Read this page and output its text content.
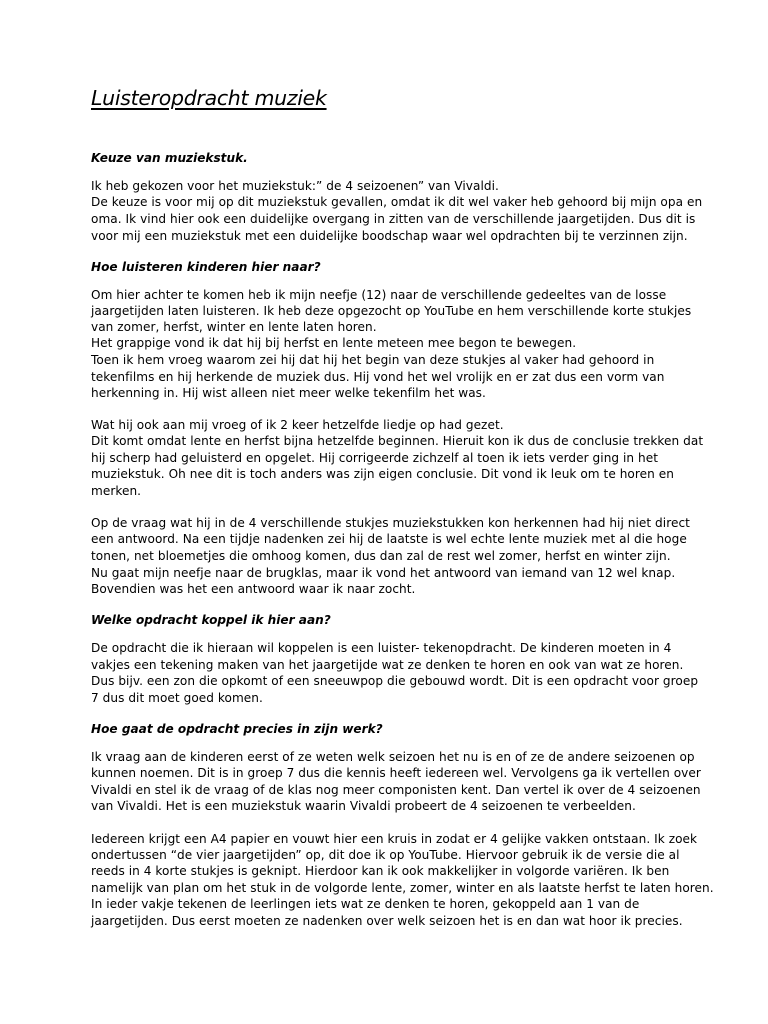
Luisteropdracht muziek
Keuze van muziekstuk.
Ik heb gekozen voor het muziekstuk:” de 4 seizoenen” van Vivaldi.
De keuze is voor mij op dit muziekstuk gevallen, omdat ik dit wel vaker heb gehoord bij mijn opa en
oma. Ik vind hier ook een duidelijke overgang in zitten van de verschillende jaargetijden. Dus dit is
voor mij een muziekstuk met een duidelijke boodschap waar wel opdrachten bij te verzinnen zijn.
Hoe luisteren kinderen hier naar?
Om hier achter te komen heb ik mijn neefje (12) naar de verschillende gedeeltes van de losse
jaargetijden laten luisteren. Ik heb deze opgezocht op YouTube en hem verschillende korte stukjes
van zomer, herfst, winter en lente laten horen.
Het grappige vond ik dat hij bij herfst en lente meteen mee begon te bewegen.
Toen ik hem vroeg waarom zei hij dat hij het begin van deze stukjes al vaker had gehoord in
tekenfilms en hij herkende de muziek dus. Hij vond het wel vrolijk en er zat dus een vorm van
herkenning in. Hij wist alleen niet meer welke tekenfilm het was.
Wat hij ook aan mij vroeg of ik 2 keer hetzelfde liedje op had gezet.
Dit komt omdat lente en herfst bijna hetzelfde beginnen. Hieruit kon ik dus de conclusie trekken dat
hij scherp had geluisterd en opgelet. Hij corrigeerde zichzelf al toen ik iets verder ging in het
muziekstuk. Oh nee dit is toch anders was zijn eigen conclusie. Dit vond ik leuk om te horen en
merken.
Op de vraag wat hij in de 4 verschillende stukjes muziekstukken kon herkennen had hij niet direct
een antwoord. Na een tijdje nadenken zei hij de laatste is wel echte lente muziek met al die hoge
tonen, net bloemetjes die omhoog komen, dus dan zal de rest wel zomer, herfst en winter zijn.
Nu gaat mijn neefje naar de brugklas, maar ik vond het antwoord van iemand van 12 wel knap.
Bovendien was het een antwoord waar ik naar zocht.
Welke opdracht koppel ik hier aan?
De opdracht die ik hieraan wil koppelen is een luister- tekenopdracht. De kinderen moeten in 4
vakjes een tekening maken van het jaargetijde wat ze denken te horen en ook van wat ze horen.
Dus bijv. een zon die opkomt of een sneeuwpop die gebouwd wordt. Dit is een opdracht voor groep
7 dus dit moet goed komen.
Hoe gaat de opdracht precies in zijn werk?
Ik vraag aan de kinderen eerst of ze weten welk seizoen het nu is en of ze de andere seizoenen op
kunnen noemen. Dit is in groep 7 dus die kennis heeft iedereen wel. Vervolgens ga ik vertellen over
Vivaldi en stel ik de vraag of de klas nog meer componisten kent. Dan vertel ik over de 4 seizoenen
van Vivaldi. Het is een muziekstuk waarin Vivaldi probeert de 4 seizoenen te verbeelden.
Iedereen krijgt een A4 papier en vouwt hier een kruis in zodat er 4 gelijke vakken ontstaan. Ik zoek
ondertussen “de vier jaargetijden” op, dit doe ik op YouTube. Hiervoor gebruik ik de versie die al
reeds in 4 korte stukjes is geknipt. Hierdoor kan ik ook makkelijker in volgorde variëren. Ik ben
namelijk van plan om het stuk in de volgorde lente, zomer, winter en als laatste herfst te laten horen.
In ieder vakje tekenen de leerlingen iets wat ze denken te horen, gekoppeld aan 1 van de
jaargetijden. Dus eerst moeten ze nadenken over welk seizoen het is en dan wat hoor ik precies.
